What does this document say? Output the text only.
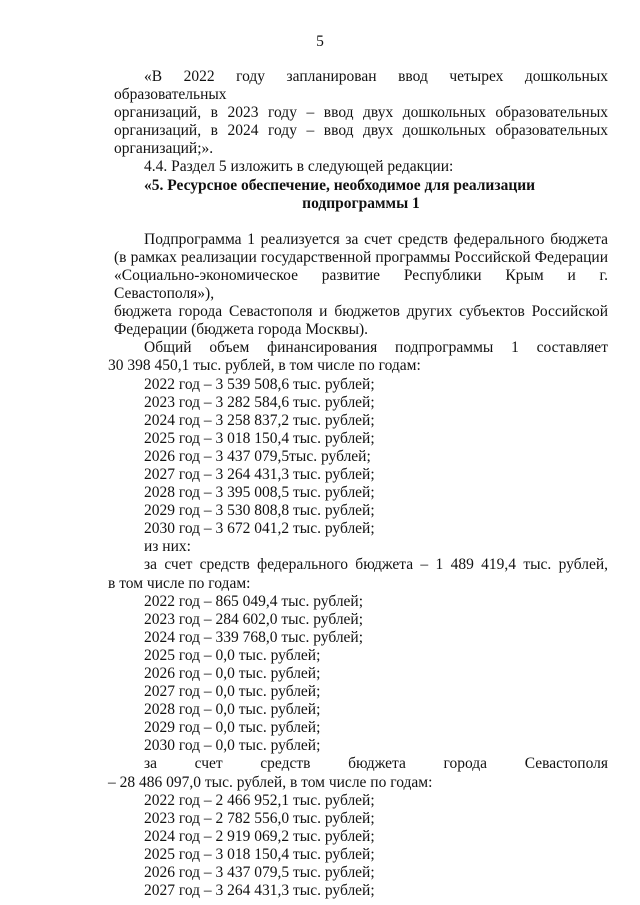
5

«В 2022 году запланирован ввод четырех дошкольных образовательных

организаций, в 2023 году – ввод двух дошкольных образовательных

организаций, в 2024 году – ввод двух дошкольных образовательных

организаций;».

4.4. Раздел 5 изложить в следующей редакции:

«5. Ресурсное обеспечение, необходимое для реализации

подпрограммы 1

Подпрограмма 1 реализуется за счет средств федерального бюджета

(в рамках реализации государственной программы Российской Федерации

«Социально-экономическое развитие Республики Крым и г. Севастополя»),

бюджета города Севастополя и бюджетов других субъектов Российской

Федерации (бюджета города Москвы).

Общий объем финансирования подпрограммы 1 составляет

30 398 450,1 тыс. рублей, в том числе по годам:

2022 год – 3 539 508,6 тыс. рублей;

2023 год – 3 282 584,6 тыс. рублей;

2024 год – 3 258 837,2 тыс. рублей;

2025 год – 3 018 150,4 тыс. рублей;

2026 год – 3 437 079,5тыс. рублей;

2027 год – 3 264 431,3 тыс. рублей;

2028 год – 3 395 008,5 тыс. рублей;

2029 год – 3 530 808,8 тыс. рублей;

2030 год – 3 672 041,2 тыс. рублей;

из них:

за счет средств федерального бюджета – 1 489 419,4 тыс. рублей,

в том числе по годам:

2022 год – 865 049,4 тыс. рублей;

2023 год – 284 602,0 тыс. рублей;

2024 год – 339 768,0 тыс. рублей;

2025 год – 0,0 тыс. рублей;

2026 год – 0,0 тыс. рублей;

2027 год – 0,0 тыс. рублей;

2028 год – 0,0 тыс. рублей;

2029 год – 0,0 тыс. рублей;

2030 год – 0,0 тыс. рублей;

за счет средств бюджета города Севастополя

– 28 486 097,0 тыс. рублей, в том числе по годам:

2022 год – 2 466 952,1 тыс. рублей;

2023 год – 2 782 556,0 тыс. рублей;

2024 год – 2 919 069,2 тыс. рублей;

2025 год – 3 018 150,4 тыс. рублей;

2026 год – 3 437 079,5 тыс. рублей;

2027 год – 3 264 431,3 тыс. рублей;
